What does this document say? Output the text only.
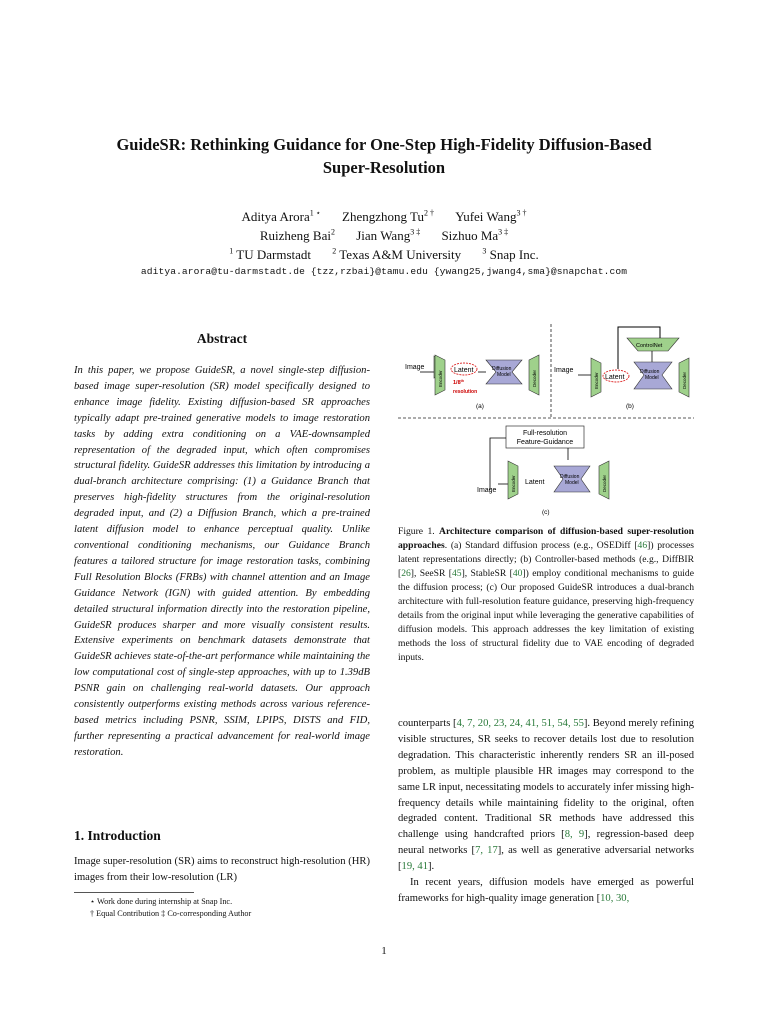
GuideSR: Rethinking Guidance for One-Step High-Fidelity Diffusion-Based
Super-Resolution
Aditya Arora$^{1 ⋆}$ Zhengzhong $Tu^{2 \dagger}$ Yufei Wang$^{3 \dagger}$
Ruizheng Bai$^2$ Jian Wang$^{3 \ddagger}$ Sizhuo $Ma^{3 \ddagger}$
$^1$ TU Darmstadt	$^2$ Texas A&M University	$^3$ Snap Inc.
aditya.arora@tu-darmstadt.de {tzz,rzbai}@tamu.edu {ywang25,jwang4,sma}@snapchat.com
Abstract
In this paper, we propose GuideSR, a novel single-step diffusion-based image super-resolution (SR) model specifically designed to enhance image fidelity. Existing diffusion-based SR approaches typically adapt pre-trained generative models to image restoration tasks by adding extra conditioning on a VAE-downsampled representation of the degraded input, which often compromises structural fidelity. GuideSR addresses this limitation by introducing a dual-branch architecture comprising: (1) a Guidance Branch that preserves high-fidelity structures from the original-resolution degraded input, and (2) a Diffusion Branch, which a pre-trained latent diffusion model to enhance perceptual quality. Unlike conventional conditioning mechanisms, our Guidance Branch features a tailored structure for image restoration tasks, combining Full Resolution Blocks (FRBs) with channel attention and an Image Guidance Network (IGN) with guided attention. By embedding detailed structural information directly into the restoration pipeline, GuideSR produces sharper and more visually consistent results. Extensive experiments on benchmark datasets demonstrate that GuideSR achieves state-of-the-art performance while maintaining the low computational cost of single-step approaches, with up to 1.39dB PSNR gain on challenging real-world datasets. Our approach consistently outperforms existing methods across various reference-based metrics including PSNR, SSIM, LPIPS, DISTS and FID, further representing a practical advancement for real-world image restoration.
1. Introduction
Image super-resolution (SR) aims to reconstruct high-resolution (HR) images from their low-resolution (LR)
⋆ Work done during internship at Snap Inc.
† Equal Contribution ‡ Co-corresponding Author
Image
Encoder Latent
1/8th
resolution
Diffusion
Model	Decoder
(a)
Image
Encoder Latent
ControlNet
Diffusion
Model	Decoder
(b)
Full-resolution
Feature-Guidance
Image	Encoder Latent
Diffusion
Model	Decoder
(c)
Figure 1. Architecture comparison of diffusion-based super-resolution approaches. (a) Standard diffusion process (e.g., OSEDiff [46]) processes latent representations directly; (b) Controller-based methods (e.g., DiffBIR [26], SeeSR [45], StableSR [40]) employ conditional mechanisms to guide the diffusion process; (c) Our proposed GuideSR introduces a dual-branch architecture with full-resolution feature guidance, preserving high-frequency details from the original input while leveraging the generative capabilities of diffusion models. This approach addresses the key limitation of existing methods the loss of structural fidelity due to VAE encoding of degraded inputs.
counterparts [4, 7, 20, 23, 24, 41, 51, 54, 55]. Beyond merely refining visible structures, SR seeks to recover details lost due to resolution degradation. This characteristic inherently renders SR an ill-posed problem, as multiple plausible HR images may correspond to the same LR input, necessitating models to accurately infer missing high-frequency details while maintaining fidelity to the original, often degraded content. Traditional SR methods have addressed this challenge using handcrafted priors [8, 9], regression-based deep neural networks [7, 17], as well as generative adversarial networks [19, 41].
In recent years, diffusion models have emerged as powerful frameworks for high-quality image generation [10, 30,
1
